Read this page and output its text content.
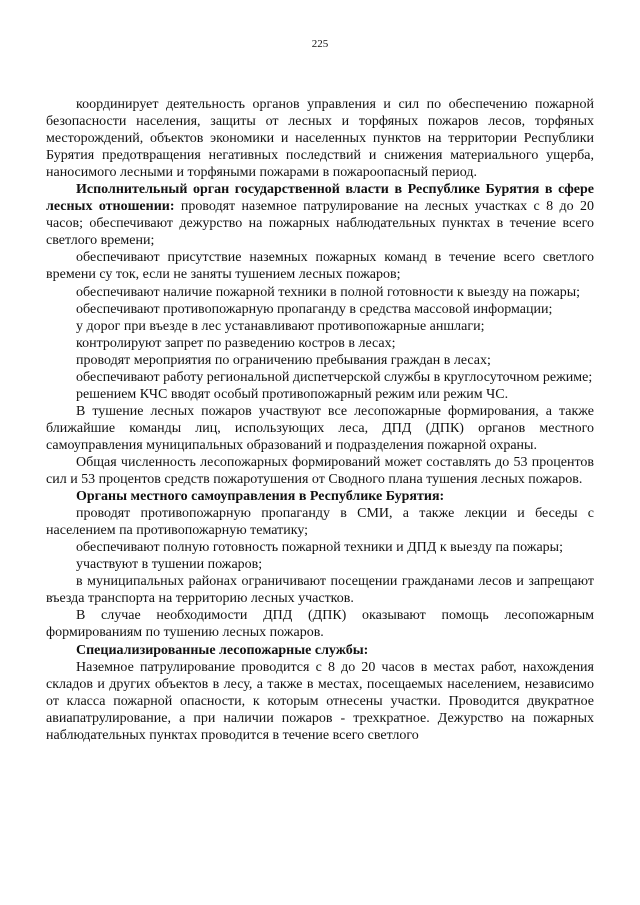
225

координирует деятельность органов управления и сил по обеспечению пожарной безопасности населения, защиты от лесных и торфяных пожаров лесов, торфяных месторождений, объектов экономики и населенных пунктов на территории Республики Бурятия предотвращения негативных последствий и снижения материального ущерба, наносимого лесными и торфяными пожарами в пожароопасный период.

Исполнительный орган государственной власти в Республике Бурятия в сфере лесных отношении: проводят наземное патрулирование на лесных участках с 8 до 20 часов; обеспечивают дежурство на пожарных наблюдательных пунктах в течение всего светлого времени;

обеспечивают присутствие наземных пожарных команд в течение всего светлого времени су ток, если не заняты тушением лесных пожаров;

обеспечивают наличие пожарной техники в полной готовности к выезду на пожары;

обеспечивают противопожарную пропаганду в средства массовой информации;

у дорог при въезде в лес устанавливают противопожарные аншлаги;

контролируют запрет по разведению костров в лесах;

проводят мероприятия по ограничению пребывания граждан в лесах;

обеспечивают работу региональной диспетчерской службы в круглосуточном режиме;

решением КЧС вводят особый противопожарный режим или режим ЧС.

В тушение лесных пожаров участвуют все лесопожарные формирования, а также ближайшие команды лиц, использующих леса, ДПД (ДПК) органов местного самоуправления муниципальных образований и подразделения пожарной охраны.

Общая численность лесопожарных формирований может составлять до 53 процентов сил и 53 процентов средств пожаротушения от Сводного плана тушения лесных пожаров.

Органы местного самоуправления в Республике Бурятия:

проводят противопожарную пропаганду в СМИ, а также лекции и беседы с населением па противопожарную тематику;

обеспечивают полную готовность пожарной техники и ДПД к выезду па пожары;

участвуют в тушении пожаров;

в муниципальных районах ограничивают посещении гражданами лесов и запрещают въезда транспорта на территорию лесных участков.

В случае необходимости ДПД (ДПК) оказывают помощь лесопожарным формированиям по тушению лесных пожаров.

Специализированные лесопожарные службы:

Наземное патрулирование проводится с 8 до 20 часов в местах работ, нахождения складов и других объектов в лесу, а также в местах, посещаемых населением, независимо от класса пожарной опасности, к которым отнесены участки. Проводится двукратное авиапатрулирование, а при наличии пожаров - трехкратное. Дежурство на пожарных наблюдательных пунктах проводится в течение всего светлого
